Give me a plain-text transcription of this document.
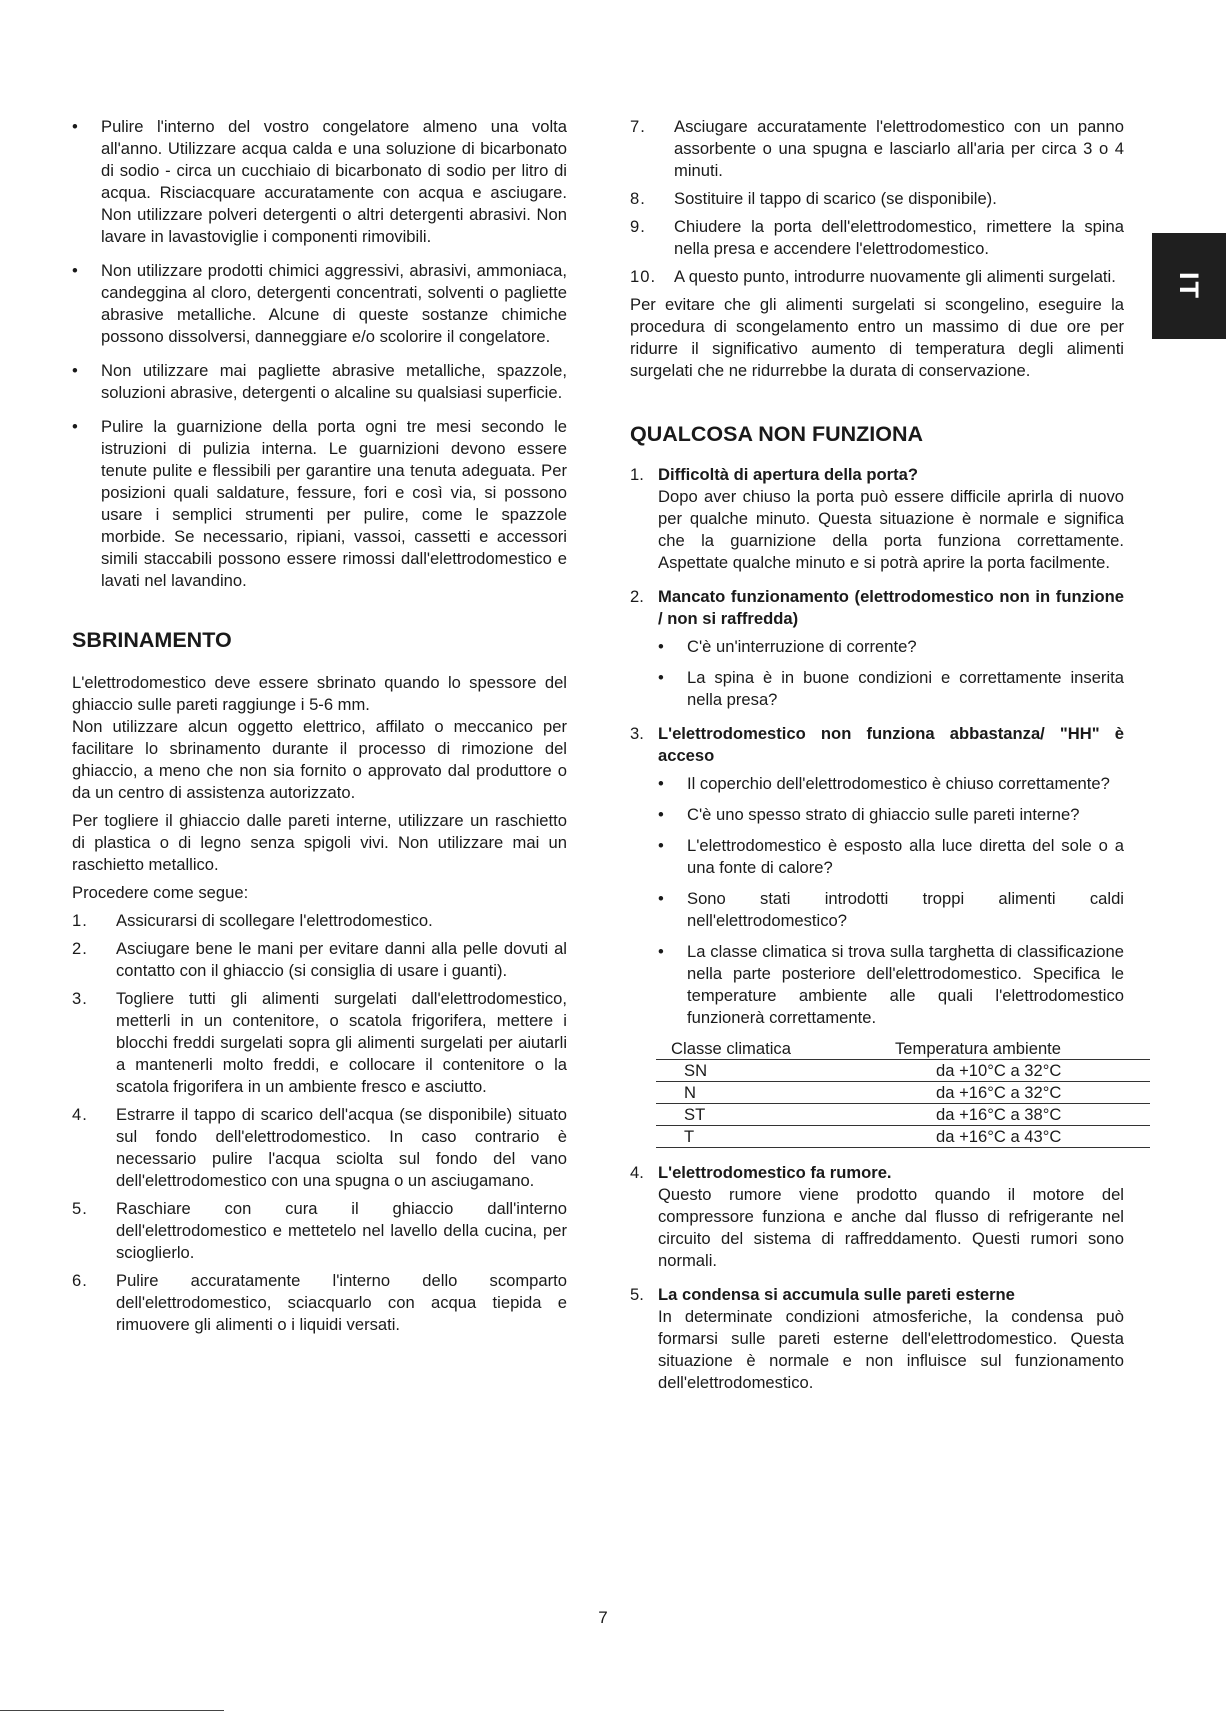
IT
• Pulire l'interno del vostro congelatore almeno una volta all'anno. Utilizzare acqua calda e una soluzione di bicarbonato di sodio - circa un cucchiaio di bicarbonato di sodio per litro di acqua. Risciacquare accuratamente con acqua e asciugare. Non utilizzare polveri detergenti o altri detergenti abrasivi. Non lavare in lavastoviglie i componenti rimovibili.
• Non utilizzare prodotti chimici aggressivi, abrasivi, ammoniaca, candeggina al cloro, detergenti concentrati, solventi o pagliette abrasive metalliche. Alcune di queste sostanze chimiche possono dissolversi, danneggiare e/o scolorire il congelatore.
• Non utilizzare mai pagliette abrasive metalliche, spazzole, soluzioni abrasive, detergenti o alcaline su qualsiasi superficie.
• Pulire la guarnizione della porta ogni tre mesi secondo le istruzioni di pulizia interna. Le guarnizioni devono essere tenute pulite e flessibili per garantire una tenuta adeguata. Per posizioni quali saldature, fessure, fori e così via, si possono usare i semplici strumenti per pulire, come le spazzole morbide. Se necessario, ripiani, vassoi, cassetti e accessori simili staccabili possono essere rimossi dall'elettrodomestico e lavati nel lavandino.
SBRINAMENTO

L'elettrodomestico deve essere sbrinato quando lo spessore del ghiaccio sulle pareti raggiunge i 5-6 mm.

Non utilizzare alcun oggetto elettrico, affilato o meccanico per facilitare lo sbrinamento durante il processo di rimozione del ghiaccio, a meno che non sia fornito o approvato dal produttore o da un centro di assistenza autorizzato.

Per togliere il ghiaccio dalle pareti interne, utilizzare un raschietto di plastica o di legno senza spigoli vivi. Non utilizzare mai un raschietto metallico.

Procedere come segue:

1. Assicurarsi di scollegare l'elettrodomestico.
2. Asciugare bene le mani per evitare danni alla pelle dovuti al contatto con il ghiaccio (si consiglia di usare i guanti).
3. Togliere tutti gli alimenti surgelati dall'elettrodomestico, metterli in un contenitore, o scatola frigorifera, mettere i blocchi freddi surgelati sopra gli alimenti surgelati per aiutarli a mantenerli molto freddi, e collocare il contenitore o la scatola frigorifera in un ambiente fresco e asciutto.
4. Estrarre il tappo di scarico dell'acqua (se disponibile) situato sul fondo dell'elettrodomestico. In caso contrario è necessario pulire l'acqua sciolta sul fondo del vano dell'elettrodomestico con una spugna o un asciugamano.
5. Raschiare con cura il ghiaccio dall'interno dell'elettrodomestico e mettetelo nel lavello della cucina, per scioglierlo.
6. Pulire accuratamente l'interno dello scomparto dell'elettrodomestico, sciacquarlo con acqua tiepida e rimuovere gli alimenti o i liquidi versati.
7. Asciugare accuratamente l'elettrodomestico con un panno assorbente o una spugna e lasciarlo all'aria per circa 3 o 4 minuti.
8. Sostituire il tappo di scarico (se disponibile).
9. Chiudere la porta dell'elettrodomestico, rimettere la spina nella presa e accendere l'elettrodomestico.
10. A questo punto, introdurre nuovamente gli alimenti surgelati.

Per evitare che gli alimenti surgelati si scongelino, eseguire la procedura di scongelamento entro un massimo di due ore per ridurre il significativo aumento di temperatura degli alimenti surgelati che ne ridurrebbe la durata di conservazione.

QUALCOSA NON FUNZIONA
1. Difficoltà di apertura della porta?
Dopo aver chiuso la porta può essere difficile aprirla di nuovo per qualche minuto. Questa situazione è normale e significa che la guarnizione della porta funziona correttamente. Aspettate qualche minuto e si potrà aprire la porta facilmente.
2. Mancato funzionamento (elettrodomestico non in funzione / non si raffredda)
• C'è un'interruzione di corrente?
• La spina è in buone condizioni e correttamente inserita nella presa?
3. L'elettrodomestico non funziona abbastanza/ "HH" è acceso
• Il coperchio dell'elettrodomestico è chiuso correttamente?
• C'è uno spesso strato di ghiaccio sulle pareti interne?
• L'elettrodomestico è esposto alla luce diretta del sole o a una fonte di calore?
• Sono stati introdotti troppi alimenti caldi nell'elettrodomestico?
• La classe climatica si trova sulla targhetta di classificazione nella parte posteriore dell'elettrodomestico. Specifica le temperature ambiente alle quali l'elettrodomestico funzionerà correttamente.
Classe climatica	Temperatura ambiente
SN	da +10°C a 32°C
N	da +16°C a 32°C
ST	da +16°C a 38°C
T	da +16°C a 43°C
4. L'elettrodomestico fa rumore.
Questo rumore viene prodotto quando il motore del compressore funziona e anche dal flusso di refrigerante nel circuito del sistema di raffreddamento. Questi rumori sono normali.
5. La condensa si accumula sulle pareti esterne
In determinate condizioni atmosferiche, la condensa può formarsi sulle pareti esterne dell'elettrodomestico. Questa situazione è normale e non influisce sul funzionamento dell'elettrodomestico.
7
